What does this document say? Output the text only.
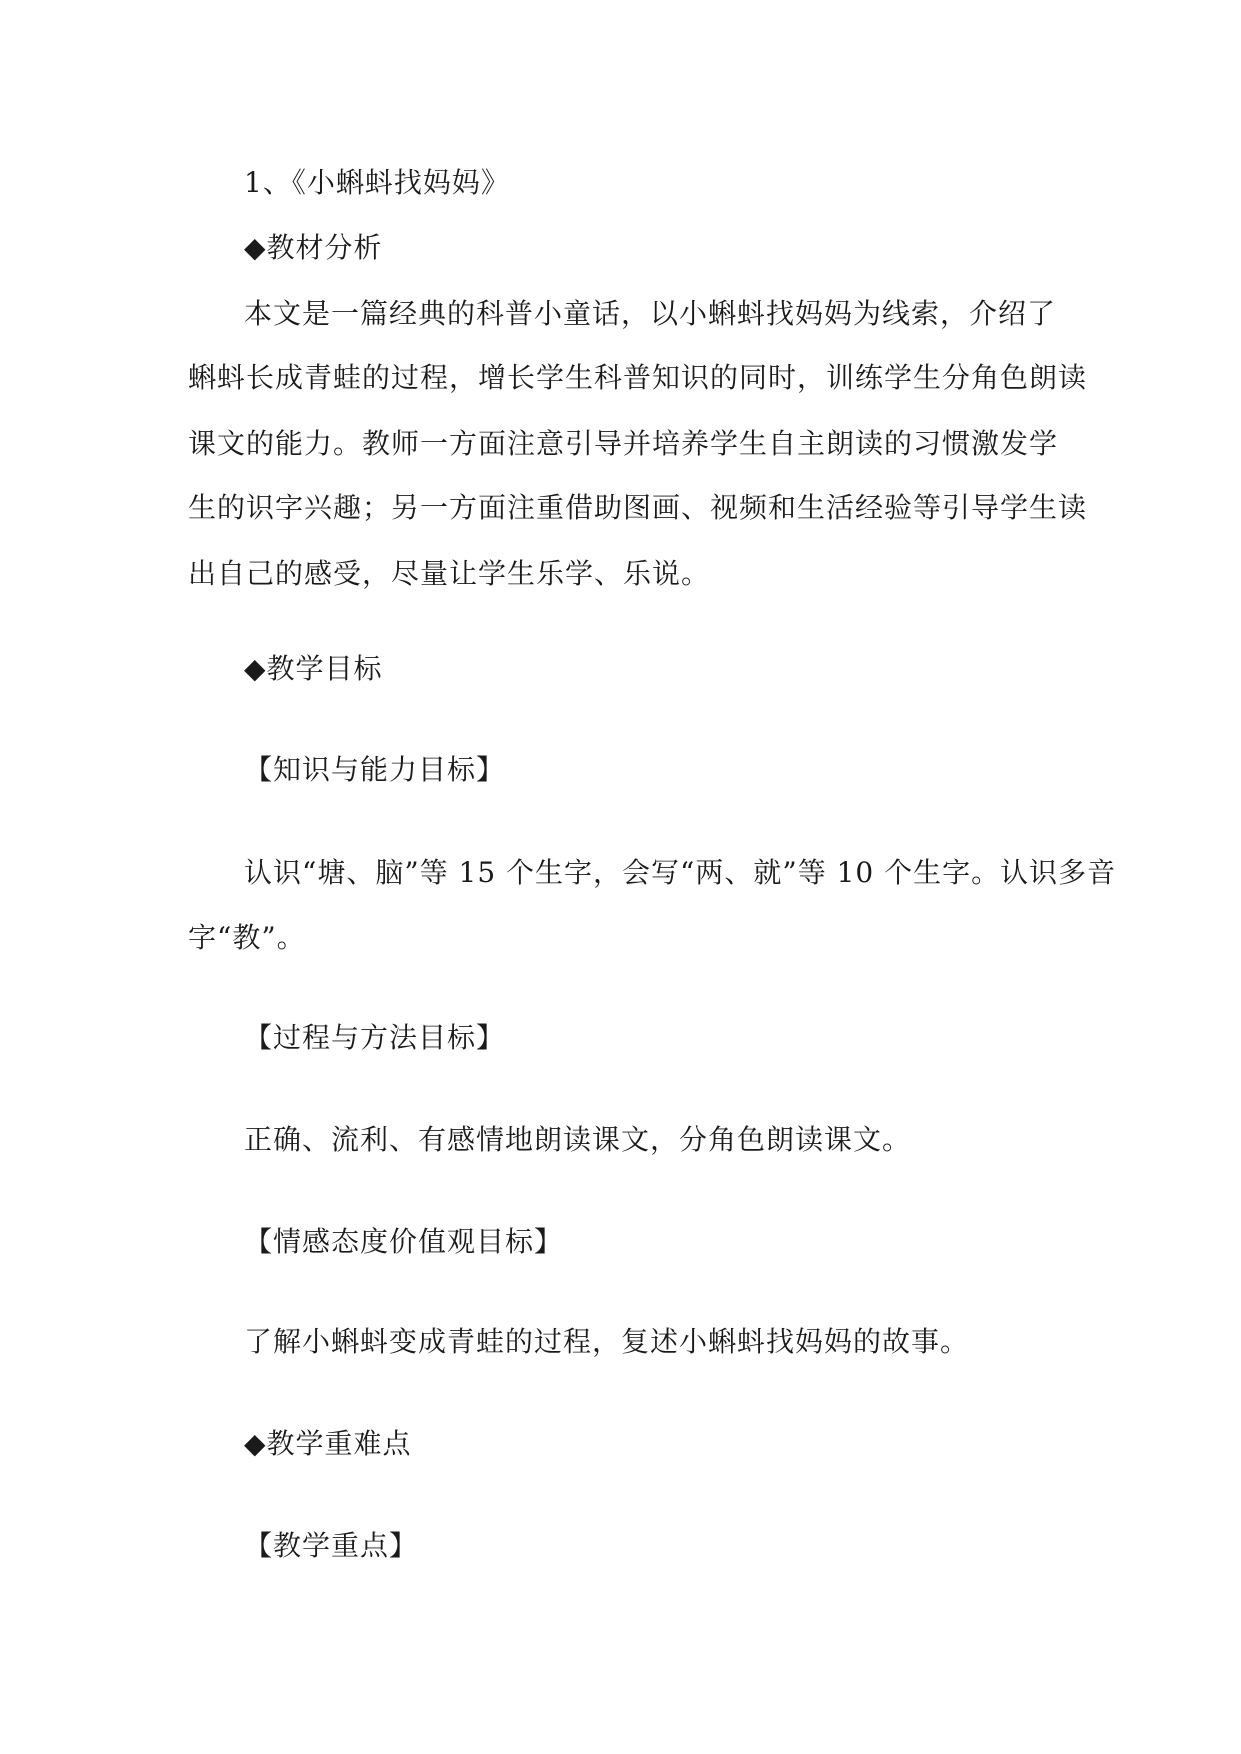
1、《小蝌蚪找妈妈》
◆教材分析
本文是一篇经典的科普小童话，以小蝌蚪找妈妈为线索，介绍了
蝌蚪长成青蛙的过程，增长学生科普知识的同时，训练学生分角色朗读
课文的能力。教师一方面注意引导并培养学生自主朗读的习惯激发学
生的识字兴趣；另一方面注重借助图画、视频和生活经验等引导学生读
出自己的感受，尽量让学生乐学、乐说。
◆教学目标
【知识与能力目标】
认识“塘、脑”等 15 个生字，会写“两、就”等 10 个生字。认识多音
字“教”。
【过程与方法目标】
正确、流利、有感情地朗读课文，分角色朗读课文。
【情感态度价值观目标】
了解小蝌蚪变成青蛙的过程，复述小蝌蚪找妈妈的故事。
◆教学重难点
【教学重点】
